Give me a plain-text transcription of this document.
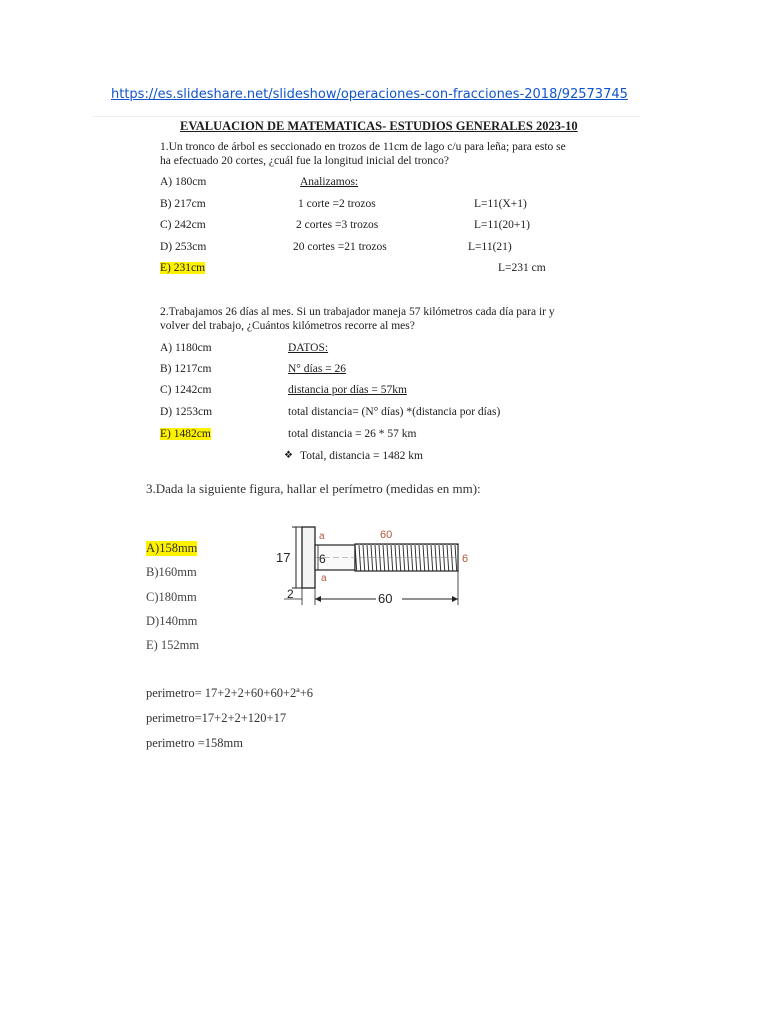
https://es.slideshare.net/slideshow/operaciones-con-fracciones-2018/92573745
EVALUACION DE MATEMATICAS- ESTUDIOS GENERALES 2023-10
1.Un tronco de árbol es seccionado en trozos de 11cm de lago c/u para leña; para esto se
ha efectuado 20 cortes, ¿cuál fue la longitud inicial del tronco?
A) 180cm
B) 217cm
C) 242cm
D) 253cm
E) 231cm
Analizamos:
1 corte =2 trozos
2 cortes =3 trozos
20 cortes =21 trozos
L=11(X+1)
L=11(20+1)
L=11(21)
L=231 cm
2.Trabajamos 26 días al mes. Si un trabajador maneja 57 kilómetros cada día para ir y
volver del trabajo, ¿Cuántos kilómetros recorre al mes?
A) 1180cm
B) 1217cm
C) 1242cm
D) 1253cm
E) 1482cm
DATOS:
N° días = 26
distancia por días = 57km
total distancia= (N° días) *(distancia por días)
total distancia = 26 * 57 km
❖ Total, distancia = 1482 km
3.Dada la siguiente figura, hallar el perímetro (medidas en mm):
A)158mm
B)160mm
C)180mm
D)140mm
E) 152mm
17 6
a
a
60
6
2	60
perimetro= 17+2+2+60+60+2ª+6
perimetro=17+2+2+120+17
perimetro =158mm
